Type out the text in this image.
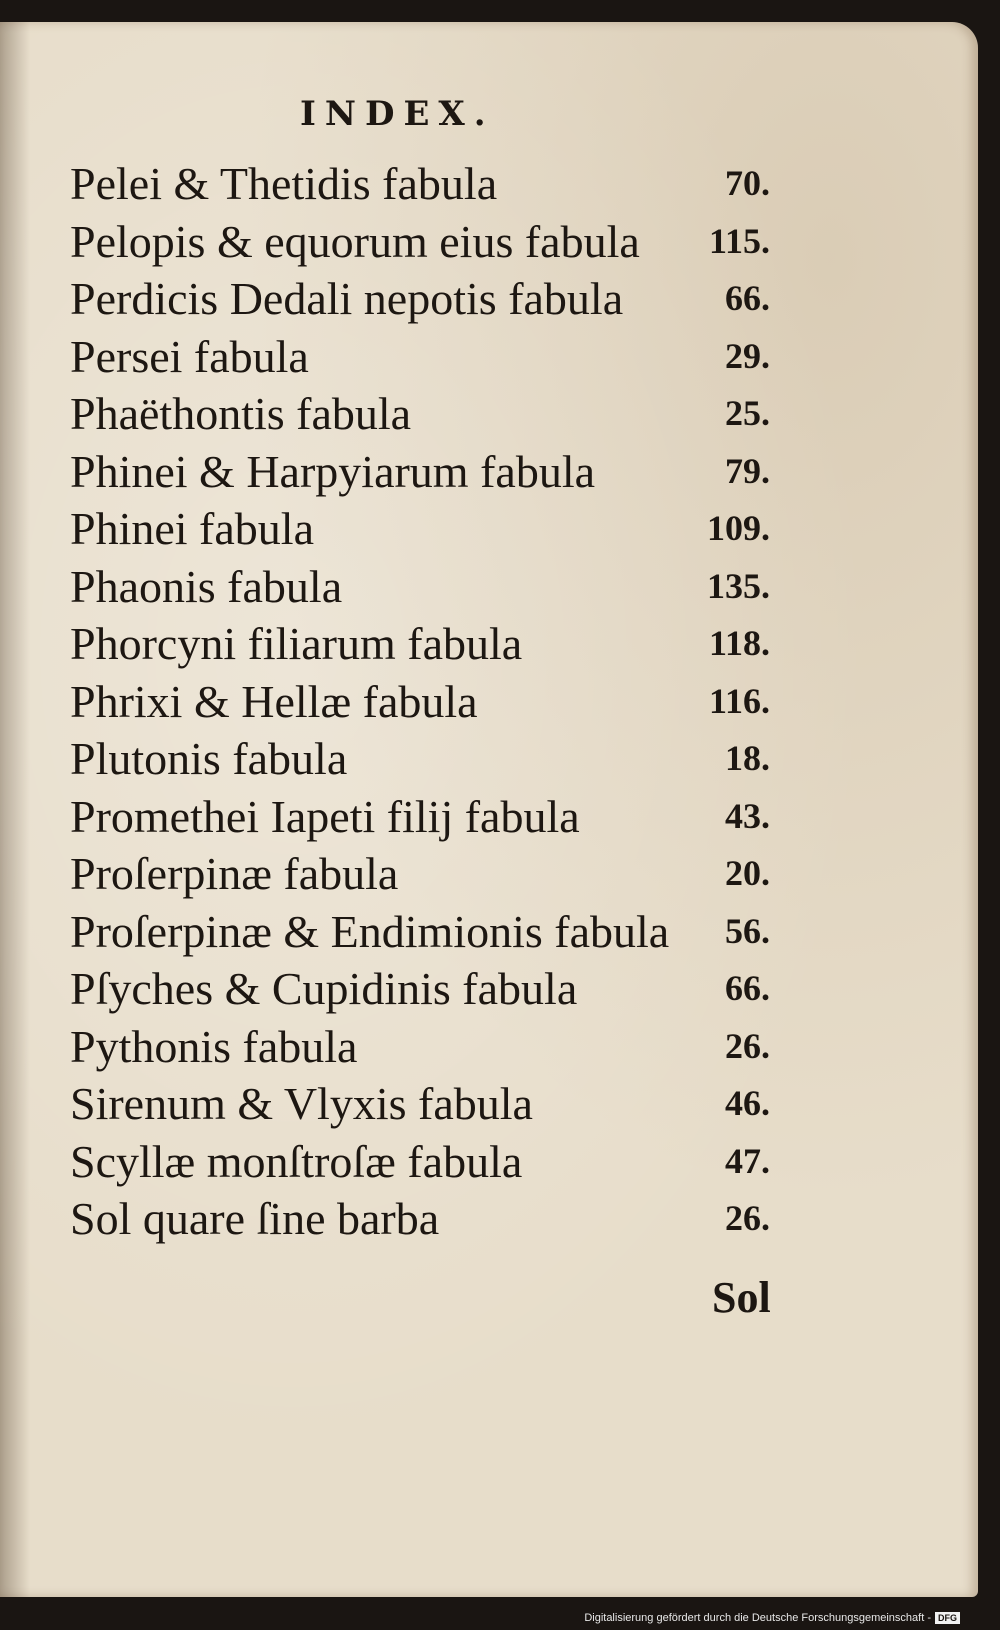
INDEX.
Pelei & Thetidis fabula	70.
Pelopis & equorum eius fabula 115.
Perdicis Dedali nepotis fabula	66.
Persei fabula	29.
Phaëthontis fabula	25.
Phinei & Harpyiarum fabula	79.
Phinei fabula	109.
Phaonis fabula	135.
Phorcyni filiarum fabula	118.
Phrixi & Hellæ fabula	116.
Plutonis fabula	18.
Promethei Iapeti filij fabula	43.
Proſerpinæ fabula	20.
Proſerpinæ & Endimionis fabula 56.
Pſyches & Cupidinis fabula	66.
Pythonis fabula	26.
Sirenum & Vlyxis fabula	46.
Scyllæ monſtroſæ fabula	47.
Sol quare ſine barba	26.
Sol
Digitalisierung gefördert durch die Deutsche Forschungsgemeinschaft - DFG
